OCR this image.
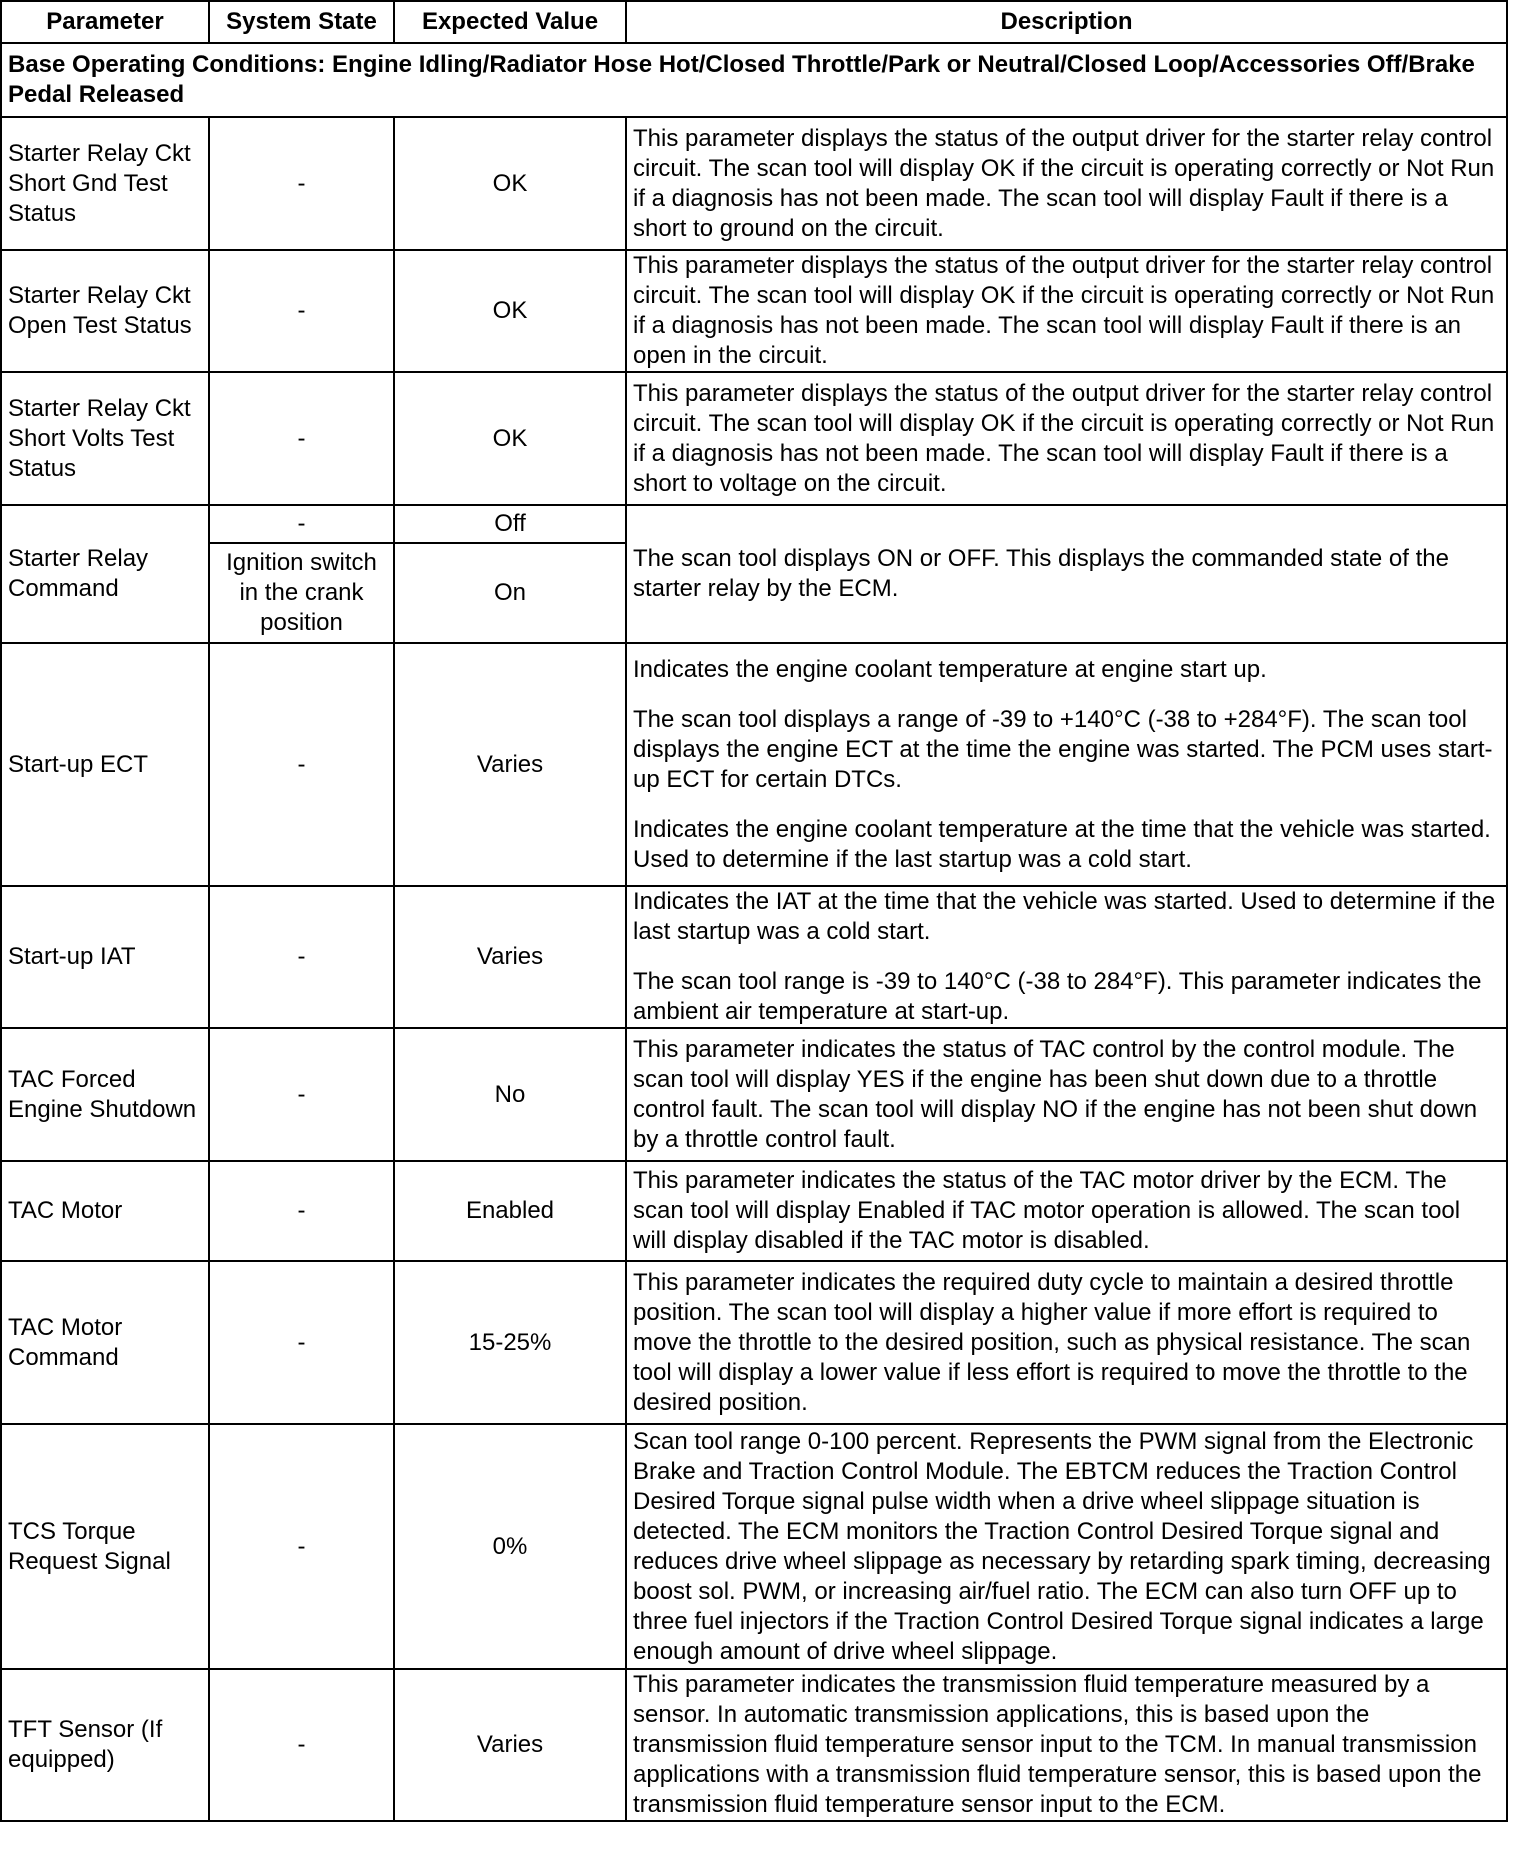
Parameter	System State	Expected Value	Description
Base Operating Conditions: Engine Idling/Radiator Hose Hot/Closed Throttle/Park or Neutral/Closed Loop/Accessories Off/Brake Pedal Released			
Starter Relay Ckt Short Gnd Test Status	-	OK	This parameter displays the status of the output driver for the starter relay control circuit. The scan tool will display OK if the circuit is operating correctly or Not Run if a diagnosis has not been made. The scan tool will display Fault if there is a short to ground on the circuit.

Starter Relay Ckt Open Test Status	-	OK	This parameter displays the status of the output driver for the starter relay control circuit. The scan tool will display OK if the circuit is operating correctly or Not Run if a diagnosis has not been made. The scan tool will display Fault if there is an open in the circuit.

Starter Relay Ckt Short Volts Test Status	-	OK	This parameter displays the status of the output driver for the starter relay control circuit. The scan tool will display OK if the circuit is operating correctly or Not Run if a diagnosis has not been made. The scan tool will display Fault if there is a short to voltage on the circuit.

Starter Relay Command	-	Off	The scan tool displays ON or OFF. This displays the commanded state of the starter relay by the ECM.

	Ignition switch in the crank position	On	
Start-up ECT	-	Varies	Indicates the engine coolant temperature at engine start up.

The scan tool displays a range of -39 to +140°C (-38 to +284°F). The scan tool displays the engine ECT at the time the engine was started. The PCM uses start-up ECT for certain DTCs.

Indicates the engine coolant temperature at the time that the vehicle was started. Used to determine if the last startup was a cold start.

Start-up IAT	-	Varies	Indicates the IAT at the time that the vehicle was started. Used to determine if the last startup was a cold start.

The scan tool range is -39 to 140°C (-38 to 284°F). This parameter indicates the ambient air temperature at start-up.

TAC Forced Engine Shutdown	-	No	This parameter indicates the status of TAC control by the control module. The scan tool will display YES if the engine has been shut down due to a throttle control fault. The scan tool will display NO if the engine has not been shut down by a throttle control fault.

TAC Motor	-	Enabled	This parameter indicates the status of the TAC motor driver by the ECM. The scan tool will display Enabled if TAC motor operation is allowed. The scan tool will display disabled if the TAC motor is disabled.

TAC Motor Command	-	15-25%	This parameter indicates the required duty cycle to maintain a desired throttle position. The scan tool will display a higher value if more effort is required to move the throttle to the desired position, such as physical resistance. The scan tool will display a lower value if less effort is required to move the throttle to the desired position.

TCS Torque Request Signal	-	0%	Scan tool range 0-100 percent. Represents the PWM signal from the Electronic Brake and Traction Control Module. The EBTCM reduces the Traction Control Desired Torque signal pulse width when a drive wheel slippage situation is detected. The ECM monitors the Traction Control Desired Torque signal and reduces drive wheel slippage as necessary by retarding spark timing, decreasing boost sol. PWM, or increasing air/fuel ratio. The ECM can also turn OFF up to three fuel injectors if the Traction Control Desired Torque signal indicates a large enough amount of drive wheel slippage.

TFT Sensor (If equipped)	-	Varies	This parameter indicates the transmission fluid temperature measured by a sensor. In automatic transmission applications, this is based upon the transmission fluid temperature sensor input to the TCM. In manual transmission applications with a transmission fluid temperature sensor, this is based upon the transmission fluid temperature sensor input to the ECM.
